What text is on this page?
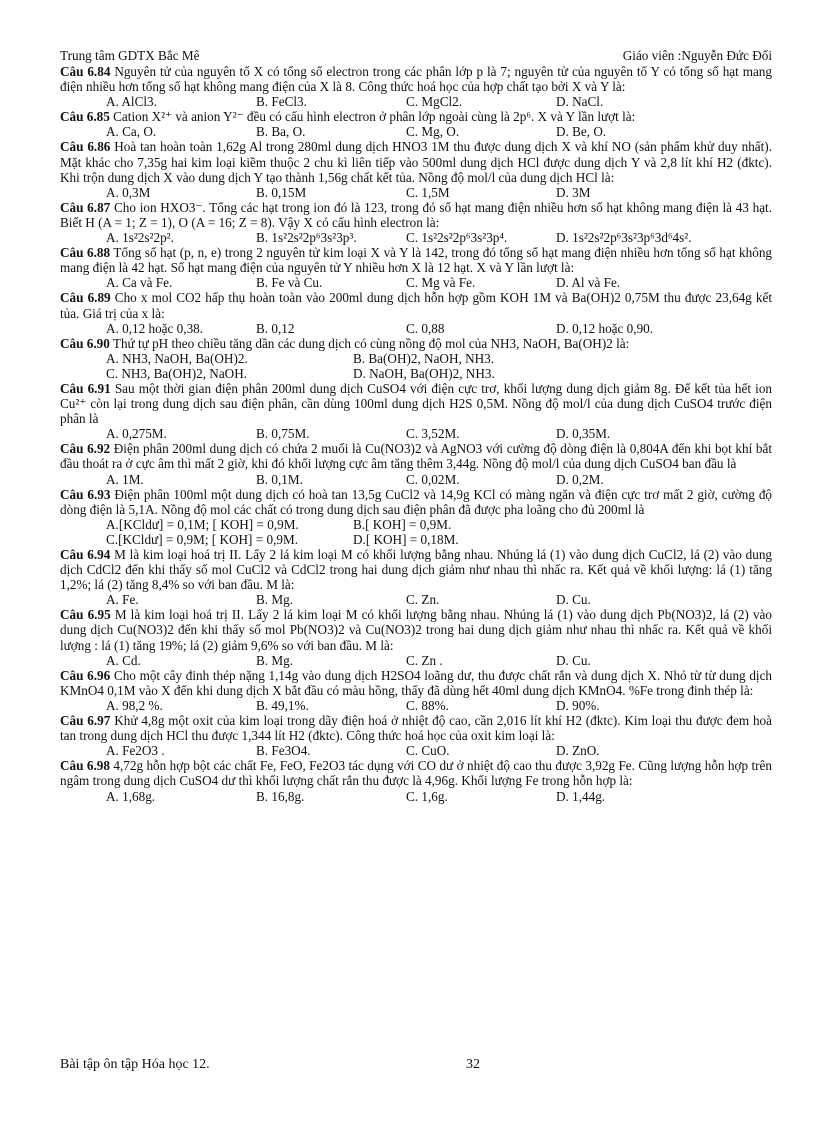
Trung tâm GDTX Bắc Mê	Giáo viên :Nguyễn Đức Đối

Câu 6.84 Nguyên tử của nguyên tố X có tổng số electron trong các phân lớp p là 7; nguyên tử của nguyên tố Y có tổng số hạt mang điện nhiều hơn tổng số hạt không mang điện của X là 8. Công thức hoá học của hợp chất tạo bởi X và Y là:

A. AlCl3.	B. FeCl3.	C. MgCl2.	D. NaCl.

Câu 6.85 Cation X²⁺ và anion Y²⁻ đều có cấu hình electron ở phân lớp ngoài cùng là 2p⁶. X và Y lần lượt là:

A. Ca, O.	B. Ba, O.	C. Mg, O.	D. Be, O.

Câu 6.86 Hoà tan hoàn toàn 1,62g Al trong 280ml dung dịch HNO3 1M thu được dung dịch X và khí NO (sản phẩm khử duy nhất). Mặt khác cho 7,35g hai kim loại kiềm thuộc 2 chu kì liên tiếp vào 500ml dung dịch HCl được dung dịch Y và 2,8 lít khí H2 (đktc). Khi trộn dung dịch X vào dung dịch Y tạo thành 1,56g chất kết tủa. Nồng độ mol/l của dung dịch HCl là:

A. 0,3M	B. 0,15M	C. 1,5M	D. 3M

Câu 6.87 Cho ion HXO3⁻. Tổng các hạt trong ion đó là 123, trong đó số hạt mang điện nhiều hơn số hạt không mang điện là 43 hạt. Biết H (A = 1; Z = 1), O (A = 16; Z = 8). Vậy X có cấu hình electron là:

A. 1s²2s²2p².	B. 1s²2s²2p⁶3s²3p³.	C. 1s²2s²2p⁶3s²3p⁴.	D. 1s²2s²2p⁶3s²3p⁶3d⁶4s².

Câu 6.88 Tổng số hạt (p, n, e) trong 2 nguyên tử kim loại X và Y là 142, trong đó tổng số hạt mang điện nhiều hơn tổng số hạt không mang điện là 42 hạt. Số hạt mang điện của nguyên tử Y nhiều hơn X là 12 hạt. X và Y lần lượt là:

A. Ca và Fe.	B. Fe và Cu.	C. Mg và Fe.	D. Al và Fe.

Câu 6.89 Cho x mol CO2 hấp thụ hoàn toàn vào 200ml dung dịch hỗn hợp gồm KOH 1M và Ba(OH)2 0,75M thu được 23,64g kết tủa. Giá trị của x là:

A. 0,12 hoặc 0,38.	B. 0,12	C. 0,88	D. 0,12 hoặc 0,90.

Câu 6.90 Thứ tự pH theo chiều tăng dần các dung dịch có cùng nồng độ mol của NH3, NaOH, Ba(OH)2 là:

A. NH3, NaOH, Ba(OH)2.	B. Ba(OH)2, NaOH, NH3.
C. NH3, Ba(OH)2, NaOH.	D. NaOH, Ba(OH)2, NH3.

Câu 6.91 Sau một thời gian điện phân 200ml dung dịch CuSO4 với điện cực trơ, khối lượng dung dịch giảm 8g. Để kết tủa hết ion Cu²⁺ còn lại trong dung dịch sau điện phân, cần dùng 100ml dung dịch H2S 0,5M. Nồng độ mol/l của dung dịch CuSO4 trước điện phân là

A. 0,275M.	B. 0,75M.	C. 3,52M.	D. 0,35M.

Câu 6.92 Điện phân 200ml dung dịch có chứa 2 muối là Cu(NO3)2 và AgNO3 với cường độ dòng điện là 0,804A đến khi bọt khí bắt đầu thoát ra ở cực âm thì mất 2 giờ, khi đó khối lượng cực âm tăng thêm 3,44g. Nồng độ mol/l của dung dịch CuSO4 ban đầu là

A. 1M.	B. 0,1M.	C. 0,02M.	D. 0,2M.

Câu 6.93 Điện phân 100ml một dung dịch có hoà tan 13,5g CuCl2 và 14,9g KCl có màng ngăn và điện cực trơ mất 2 giờ, cường độ dòng điện là 5,1A. Nồng độ mol các chất có trong dung dịch sau điện phân đã được pha loãng cho đủ 200ml là

A.[KCldư] = 0,1M; [ KOH] = 0,9M.	B.[ KOH] = 0,9M.
C.[KCldư] = 0,9M; [ KOH] = 0,9M.	D.[ KOH] = 0,18M.

Câu 6.94 M là kim loại hoá trị II. Lấy 2 lá kim loại M có khối lượng bằng nhau. Nhúng lá (1) vào dung dịch CuCl2, lá (2) vào dung dịch CdCl2 đến khi thấy số mol CuCl2 và CdCl2 trong hai dung dịch giảm như nhau thì nhấc ra. Kết quả về khối lượng: lá (1) tăng 1,2%; lá (2) tăng 8,4% so với ban đầu. M là:

A. Fe.	B. Mg.	C. Zn.	D. Cu.

Câu 6.95 M là kim loại hoá trị II. Lấy 2 lá kim loại M có khối lượng bằng nhau. Nhúng lá (1) vào dung dịch Pb(NO3)2, lá (2) vào dung dịch Cu(NO3)2 đến khi thấy số mol Pb(NO3)2 và Cu(NO3)2 trong hai dung dịch giảm như nhau thì nhấc ra. Kết quả về khối lượng : lá (1) tăng 19%; lá (2) giảm 9,6% so với ban đầu. M là:

A. Cd.	B. Mg.	C. Zn .	D. Cu.

Câu 6.96 Cho một cây đinh thép nặng 1,14g vào dung dịch H2SO4 loãng dư, thu được chất rắn và dung dịch X. Nhỏ từ từ dung dịch KMnO4 0,1M vào X đến khi dung dịch X bắt đầu có màu hồng, thấy đã dùng hết 40ml dung dịch KMnO4. %Fe trong đinh thép là:

A. 98,2 %.	B. 49,1%.	C. 88%.	D. 90%.

Câu 6.97 Khử 4,8g một oxit của kim loại trong dãy điện hoá ở nhiệt độ cao, cần 2,016 lít khí H2 (đktc). Kim loại thu được đem hoà tan trong dung dịch HCl thu được 1,344 lít H2 (đktc). Công thức hoá học của oxit kim loại là:

A. Fe2O3 .	B. Fe3O4.	C. CuO.	D. ZnO.

Câu 6.98 4,72g hỗn hợp bột các chất Fe, FeO, Fe2O3 tác dụng với CO dư ở nhiệt độ cao thu được 3,92g Fe. Cũng lượng hỗn hợp trên ngâm trong dung dịch CuSO4 dư thì khối lượng chất rắn thu được là 4,96g. Khối lượng Fe trong hỗn hợp là:

A. 1,68g.	B. 16,8g.	C. 1,6g.	D. 1,44g.
Bài tập ôn tập Hóa học 12.	32
